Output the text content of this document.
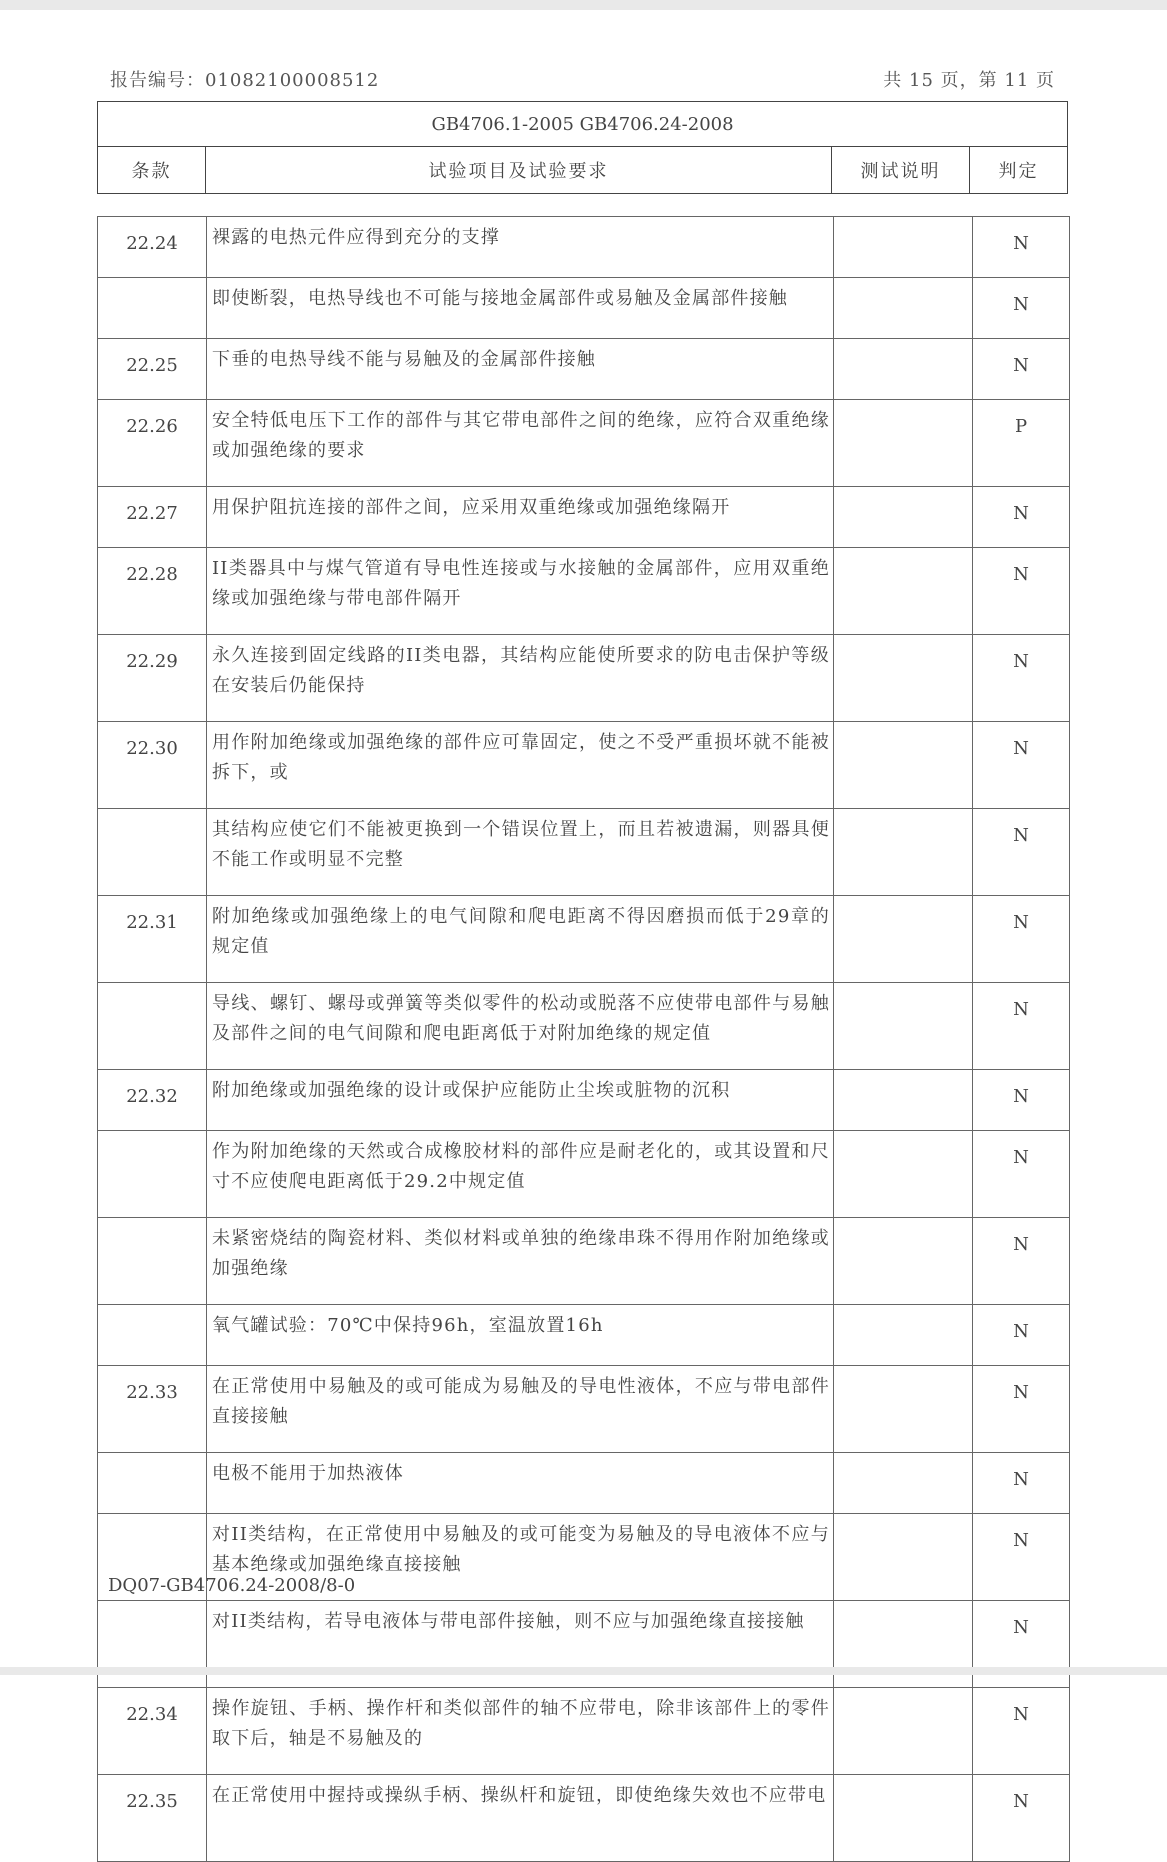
报告编号：01082100008512	共 15 页，第 11 页
GB4706.1-2005 GB4706.24-2008
条款	试验项目及试验要求	测试说明	判定
22.24	裸露的电热元件应得到充分的支撑		N
	即使断裂，电热导线也不可能与接地金属部件或易触及金属部件接触		N
22.25	下垂的电热导线不能与易触及的金属部件接触		N
22.26	安全特低电压下工作的部件与其它带电部件之间的绝缘，应符合双重绝缘或加强绝缘的要求		P
22.27	用保护阻抗连接的部件之间，应采用双重绝缘或加强绝缘隔开		N
22.28	II类器具中与煤气管道有导电性连接或与水接触的金属部件，应用双重绝缘或加强绝缘与带电部件隔开		N
22.29	永久连接到固定线路的II类电器，其结构应能使所要求的防电击保护等级在安装后仍能保持		N
22.30	用作附加绝缘或加强绝缘的部件应可靠固定，使之不受严重损坏就不能被拆下，或		N
	其结构应使它们不能被更换到一个错误位置上，而且若被遗漏，则器具便不能工作或明显不完整		N
22.31	附加绝缘或加强绝缘上的电气间隙和爬电距离不得因磨损而低于29章的规定值		N
	导线、螺钉、螺母或弹簧等类似零件的松动或脱落不应使带电部件与易触及部件之间的电气间隙和爬电距离低于对附加绝缘的规定值		N
22.32	附加绝缘或加强绝缘的设计或保护应能防止尘埃或脏物的沉积		N
	作为附加绝缘的天然或合成橡胶材料的部件应是耐老化的，或其设置和尺寸不应使爬电距离低于29.2中规定值		N
	未紧密烧结的陶瓷材料、类似材料或单独的绝缘串珠不得用作附加绝缘或加强绝缘		N
	氧气罐试验：70℃中保持96h，室温放置16h		N
22.33	在正常使用中易触及的或可能成为易触及的导电性液体，不应与带电部件直接接触		N
	电极不能用于加热液体		N
	对II类结构，在正常使用中易触及的或可能变为易触及的导电液体不应与基本绝缘或加强绝缘直接接触		N
	对II类结构，若导电液体与带电部件接触，则不应与加强绝缘直接接触		N
22.34	操作旋钮、手柄、操作杆和类似部件的轴不应带电，除非该部件上的零件取下后，轴是不易触及的		N
22.35	在正常使用中握持或操纵手柄、操纵杆和旋钮，即使绝缘失效也不应带电		N
DQ07-GB4706.24-2008/8-0
